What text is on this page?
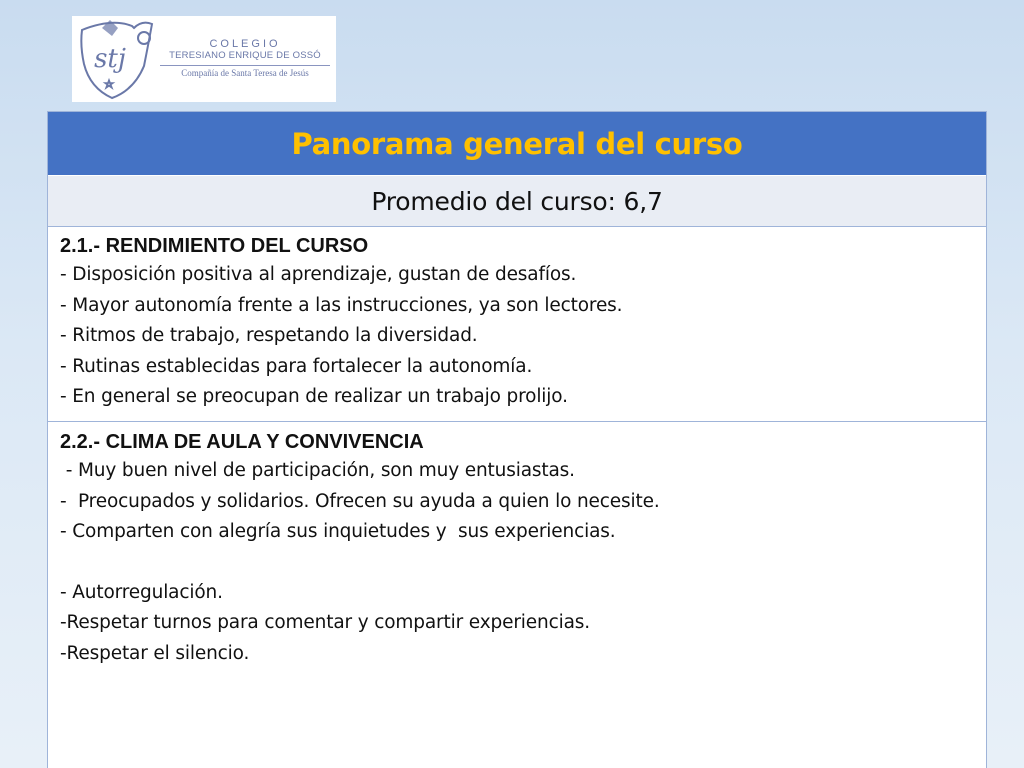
stj	COLEGIO
TERESIANO ENRIQUE DE OSSÓ
Compañía de Santa Teresa de Jesús
Panorama general del curso
Promedio del curso: 6,7
2.1.- RENDIMIENTO DEL CURSO
- Disposición positiva al aprendizaje, gustan de desafíos.
- Mayor autonomía frente a las instrucciones, ya son lectores.
- Ritmos de trabajo, respetando la diversidad.
- Rutinas establecidas para fortalecer la autonomía.
- En general se preocupan de realizar un trabajo prolijo.
2.2.- CLIMA DE AULA Y CONVIVENCIA
- Muy buen nivel de participación, son muy entusiastas.
-  Preocupados y solidarios. Ofrecen su ayuda a quien lo necesite.
- Comparten con alegría sus inquietudes y  sus experiencias.
- Autorregulación.
-Respetar turnos para comentar y compartir experiencias.
-Respetar el silencio.
